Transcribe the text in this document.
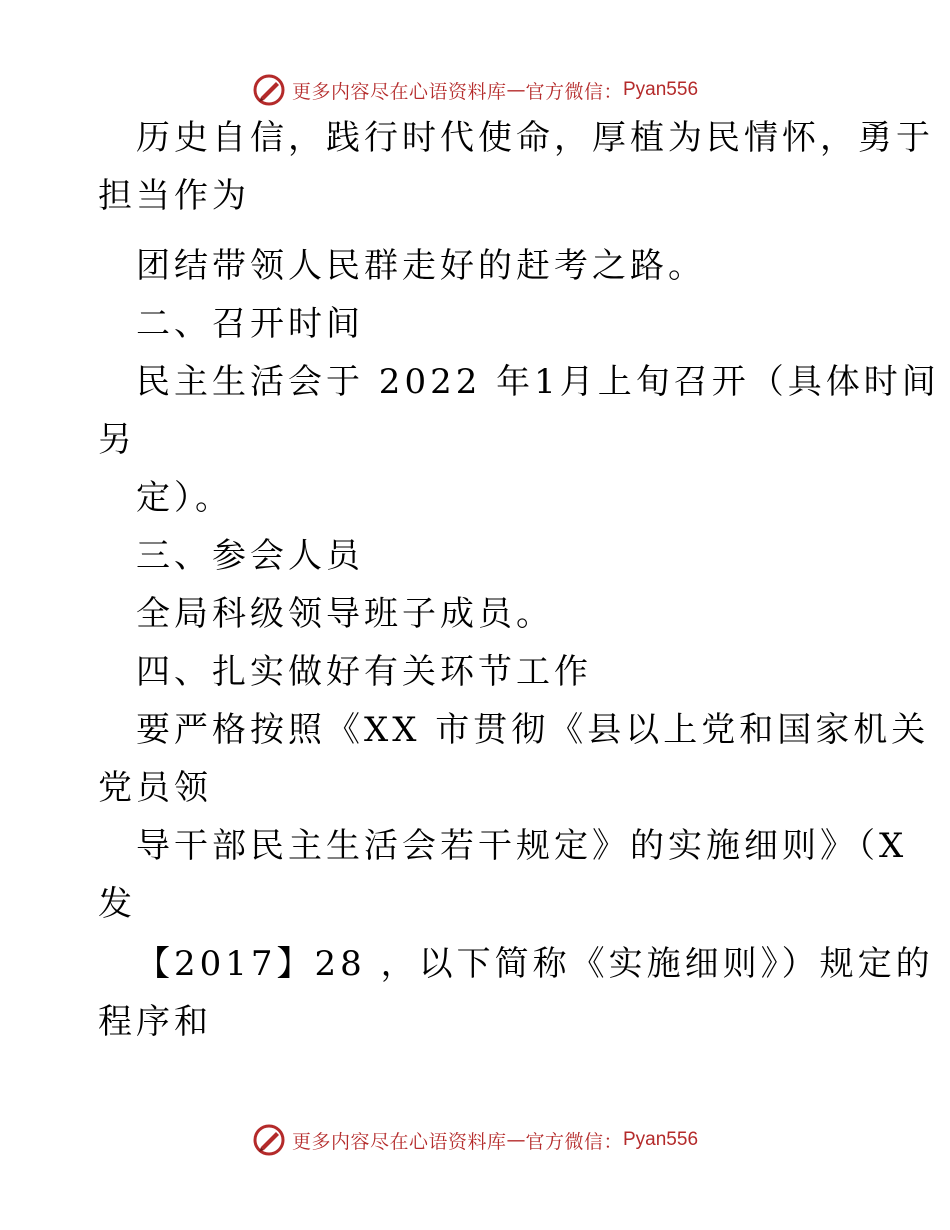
更多内容尽在心语资料库 — 官方微信： Pyan556
历史自信，践行时代使命，厚植为民情怀，勇于
担当作为
团结带领人民群走好的赶考之路。
二、召开时间
民主生活会于 2022 年1月上旬召开（具体时间
另
定）。
三、参会人员
全局科级领导班子成员。
四、扎实做好有关环节工作
要严格按照《XX 市贯彻《县以上党和国家机关
党员领
导干部民主生活会若干规定》的实施细则》（X
发
【2017】28 ，以下简称《实施细则》）规定的
程序和
更多内容尽在心语资料库 — 官方微信： Pyan556
